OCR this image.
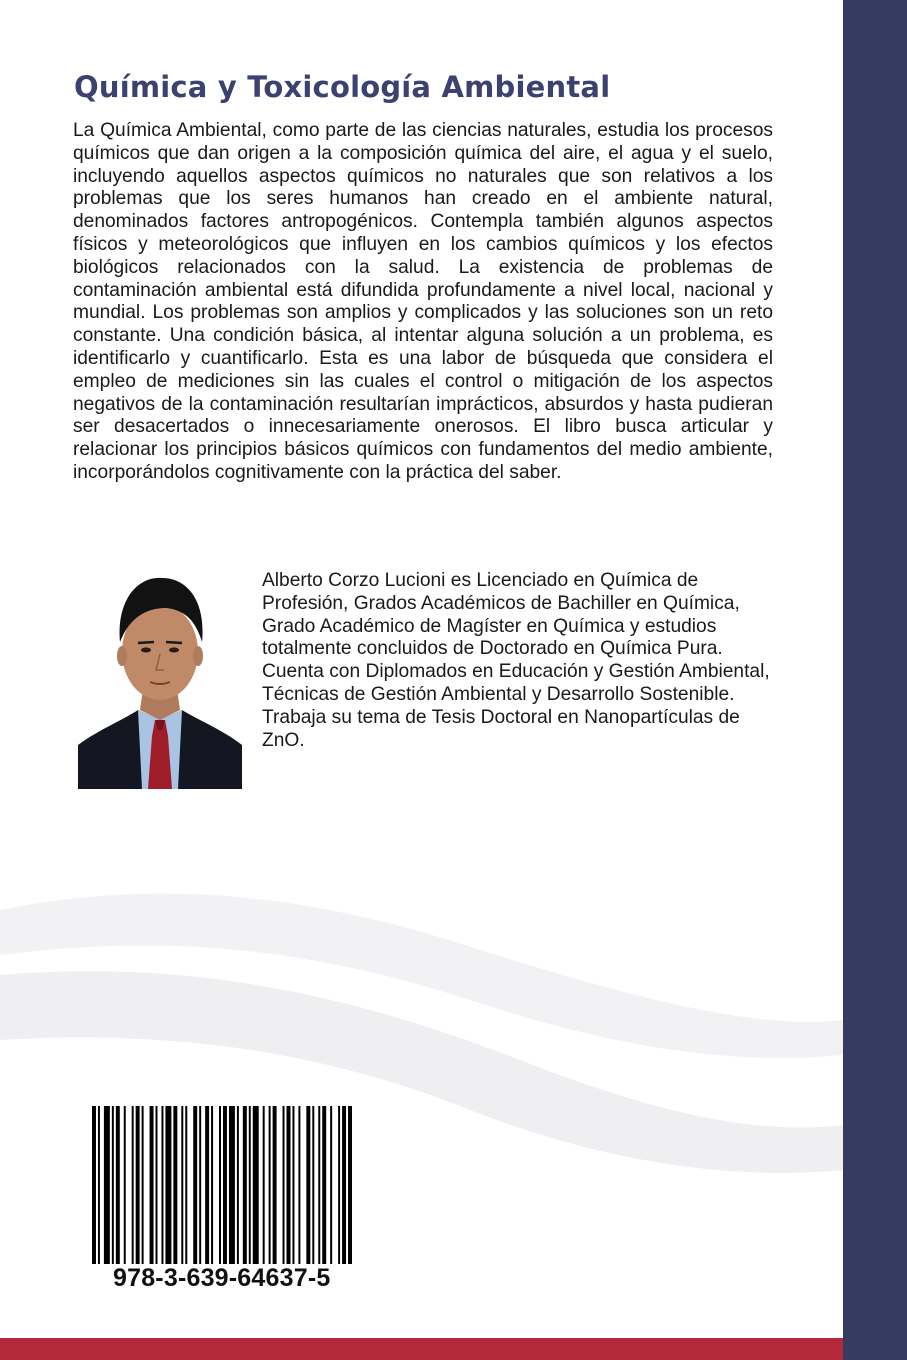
Química y Toxicología Ambiental

La Química Ambiental, como parte de las ciencias naturales, estudia los procesos químicos que dan origen a la composición química del aire, el agua y el suelo, incluyendo aquellos aspectos químicos no naturales que son relativos a los problemas que los seres humanos han creado en el ambiente natural, denominados factores antropogénicos. Contempla también algunos aspectos físicos y meteorológicos que influyen en los cambios químicos y los efectos biológicos relacionados con la salud. La existencia de problemas de contaminación ambiental está difundida profundamente a nivel local, nacional y mundial. Los problemas son amplios y complicados y las soluciones son un reto constante. Una condición básica, al intentar alguna solución a un problema, es identificarlo y cuantificarlo. Esta es una labor de búsqueda que considera el empleo de mediciones sin las cuales el control o mitigación de los aspectos negativos de la contaminación resultarían imprácticos, absurdos y hasta pudieran ser desacertados o innecesariamente onerosos. El libro busca articular y relacionar los principios básicos químicos con fundamentos del medio ambiente, incorporándolos cognitivamente con la práctica del saber.

Alberto Corzo Lucioni es Licenciado en Química de Profesión, Grados Académicos de Bachiller en Química, Grado Académico de Magíster en Química y estudios totalmente concluidos de Doctorado en Química Pura. Cuenta con Diplomados en Educación y Gestión Ambiental, Técnicas de Gestión Ambiental y Desarrollo Sostenible. Trabaja su tema de Tesis Doctoral en Nanopartículas de ZnO.

978-3-639-64637-5
